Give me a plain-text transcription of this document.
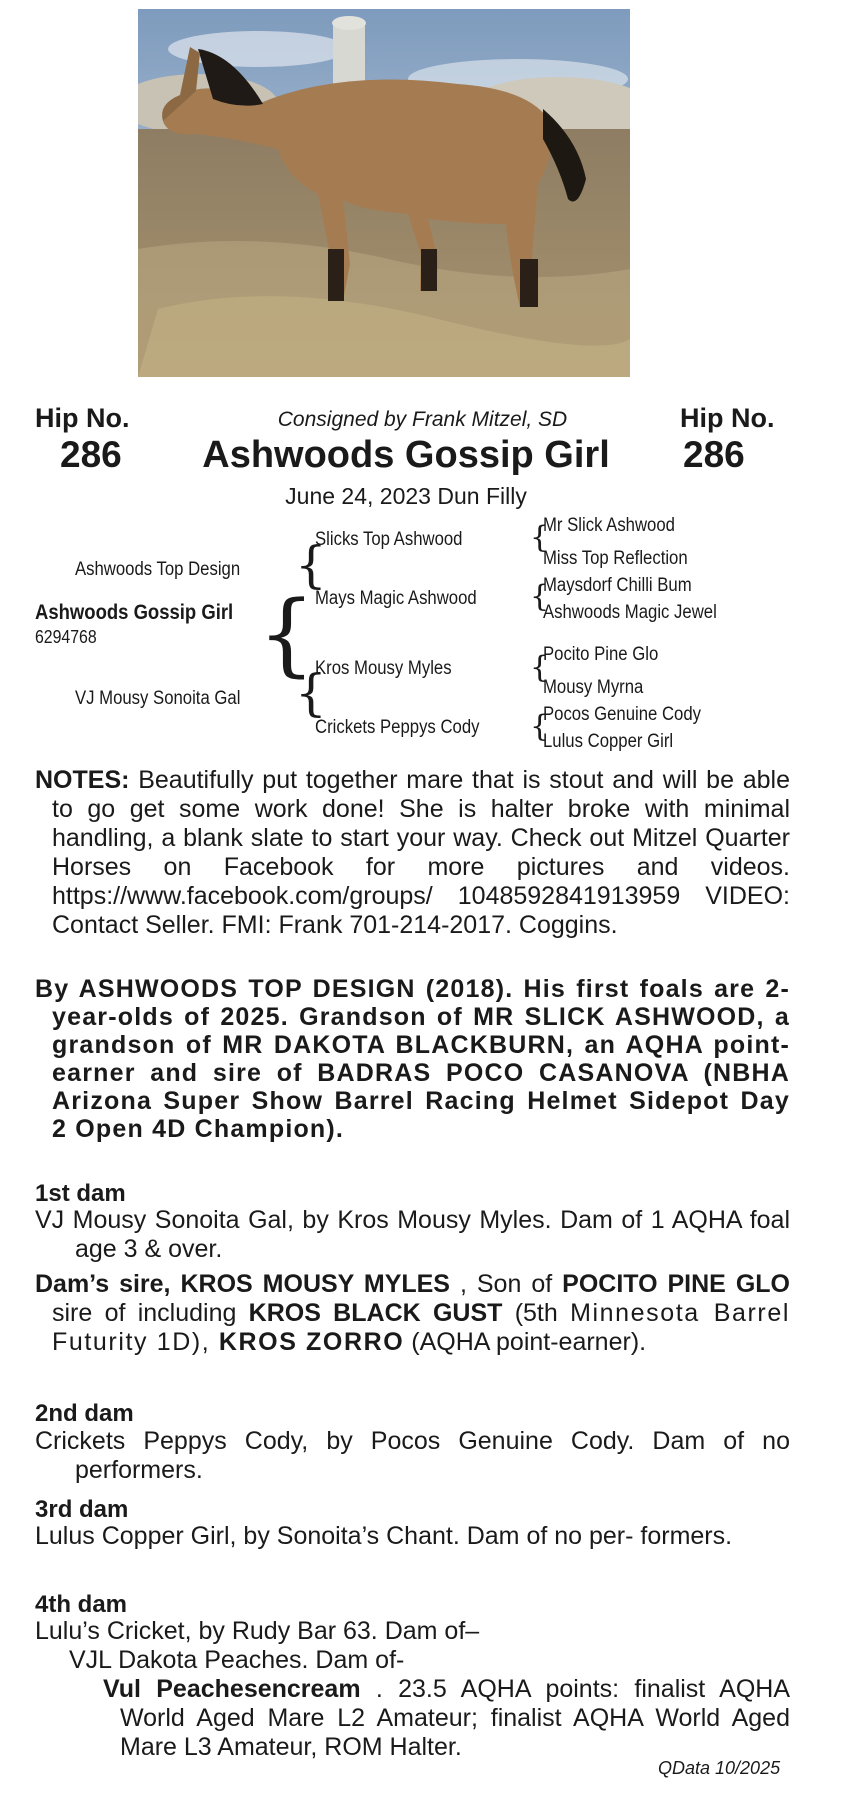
Hip No.	Hip No.
286	286
Consigned by Frank Mitzel, SD
Ashwoods Gossip Girl
June 24, 2023 Dun Filly
Ashwoods Top Design
Ashwoods Gossip Girl
6294768
VJ Mousy Sonoita Gal
{
{
{
Slicks Top Ashwood
Mays Magic Ashwood
Kros Mousy Myles
Crickets Peppys Cody
{
{
{
{
Mr Slick Ashwood
Miss Top Reflection
Maysdorf Chilli Bum
Ashwoods Magic Jewel
Pocito Pine Glo
Mousy Myrna
Pocos Genuine Cody
Lulus Copper Girl
NOTES: Beautifully put together mare that is stout and will be able to go get some work done! She is halter broke with minimal handling, a blank slate to start your way. Check out Mitzel Quarter Horses on Facebook for more pictures and videos. https://www.facebook.com/groups/ 1048592841913959 VIDEO: Contact Seller. FMI: Frank 701-214-2017. Coggins.
By ASHWOODS TOP DESIGN (2018). His first foals are 2-year-olds of 2025. Grandson of MR SLICK ASHWOOD, a grandson of MR DAKOTA BLACKBURN, an AQHA point-earner and sire of BADRAS POCO CASANOVA (NBHA Arizona Super Show Barrel Racing Helmet Sidepot Day 2 Open 4D Champion).
1st dam
VJ Mousy Sonoita Gal, by Kros Mousy Myles. Dam of 1 AQHA foal age 3 & over.
Dam’s sire, KROS MOUSY MYLES , Son of POCITO PINE GLO sire of including KROS BLACK GUST (5th Minnesota Barrel Futurity 1D), KROS ZORRO (AQHA point-earner).
2nd dam
Crickets Peppys Cody, by Pocos Genuine Cody. Dam of no performers.
3rd dam
Lulus Copper Girl, by Sonoita’s Chant. Dam of no per- formers.
4th dam
Lulu’s Cricket, by Rudy Bar 63. Dam of–
VJL Dakota Peaches. Dam of-
Vul Peachesencream . 23.5 AQHA points: finalist AQHA World Aged Mare L2 Amateur; finalist AQHA World Aged Mare L3 Amateur, ROM Halter.
QData 10/2025
